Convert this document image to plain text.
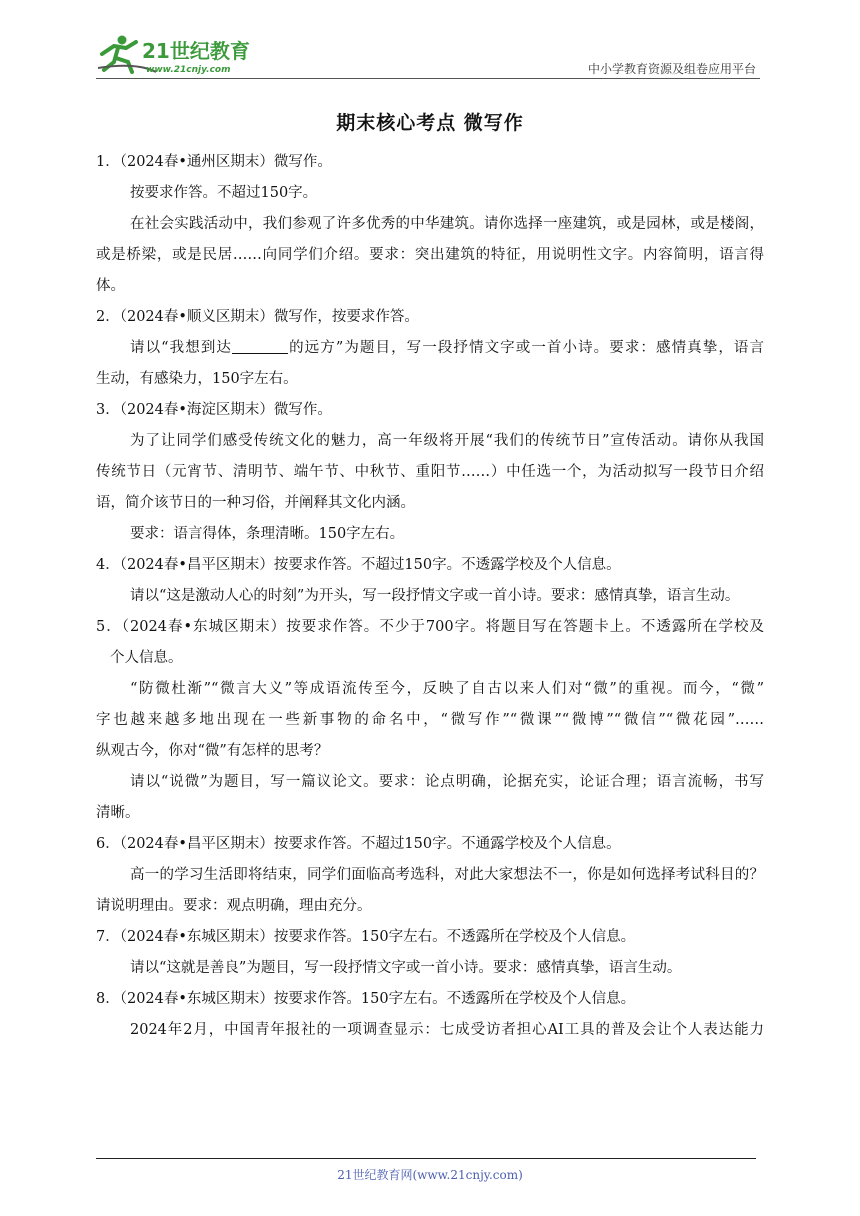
21世纪教育
www.21cnjy.com	中小学教育资源及组卷应用平台
期末核心考点 微写作
1．（2024春•通州区期末）微写作。
按要求作答。不超过150字。
在社会实践活动中，我们参观了许多优秀的中华建筑。请你选择一座建筑，或是园林，或是楼阁，
或是桥梁，或是民居……向同学们介绍。要求：突出建筑的特征，用说明性文字。内容简明，语言得
体。
2．（2024春•顺义区期末）微写作，按要求作答。
请以“我想到达	的远方”为题目，写一段抒情文字或一首小诗。要求：感情真挚，语言
生动，有感染力，150字左右。
3．（2024春•海淀区期末）微写作。
为了让同学们感受传统文化的魅力，高一年级将开展“我们的传统节日”宣传活动。请你从我国
传统节日（元宵节、清明节、端午节、中秋节、重阳节……）中任选一个，为活动拟写一段节日介绍
语，简介该节日的一种习俗，并阐释其文化内涵。
要求：语言得体，条理清晰。150字左右。
4．（2024春•昌平区期末）按要求作答。不超过150字。不透露学校及个人信息。
请以“这是激动人心的时刻”为开头，写一段抒情文字或一首小诗。要求：感情真挚，语言生动。
5．（2024春•东城区期末）按要求作答。不少于700字。将题目写在答题卡上。不透露所在学校及
个人信息。
“防微杜渐”“微言大义”等成语流传至今，反映了自古以来人们对“微”的重视。而今，“微”
字也越来越多地出现在一些新事物的命名中，“微写作”“微课”“微博”“微信”“微花园”……
纵观古今，你对“微”有怎样的思考？
请以“说微”为题目，写一篇议论文。要求：论点明确，论据充实，论证合理；语言流畅，书写
清晰。
6．（2024春•昌平区期末）按要求作答。不超过150字。不通露学校及个人信息。
高一的学习生活即将结束，同学们面临高考选科，对此大家想法不一，你是如何选择考试科目的？
请说明理由。要求：观点明确，理由充分。
7．（2024春•东城区期末）按要求作答。150字左右。不透露所在学校及个人信息。
请以“这就是善良”为题目，写一段抒情文字或一首小诗。要求：感情真挚，语言生动。
8．（2024春•东城区期末）按要求作答。150字左右。不透露所在学校及个人信息。
2024年2月，中国青年报社的一项调查显示：七成受访者担心AI工具的普及会让个人表达能力
21世纪教育网(www.21cnjy.com)
